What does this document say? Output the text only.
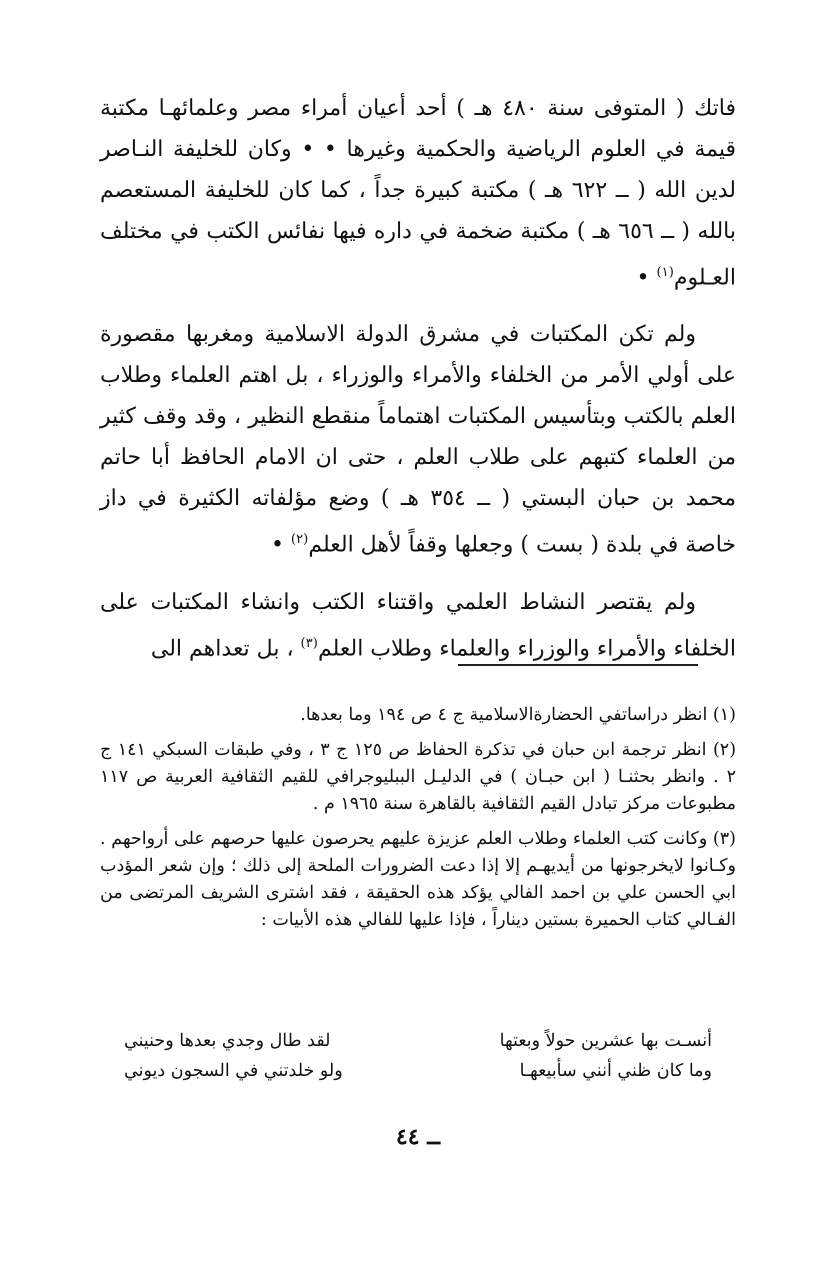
فاتك ( المتوفى سنة ٤٨٠ هـ ) أحد أعيان أمراء مصر وعلمائهـا مكتبة قيمة في العلوم الرياضية والحكمية وغيرها • • وكان للخليفة النـاصر لدين الله ( ــ ٦٢٢ هـ ) مكتبة كبيرة جداً ، كما كان للخليفة المستعصم بالله ( ــ ٦٥٦ هـ ) مكتبة ضخمة في داره فيها نفائس الكتب في مختلف العـلوم$^{(١)}$ •

ولم تكن المكتبات في مشرق الدولة الاسلامية ومغربها مقصورة على أولي الأمر من الخلفاء والأمراء والوزراء ، بل اهتم العلماء وطلاب العلم بالكتب وبتأسيس المكتبات اهتماماً منقطع النظير ، وقد وقف كثير من العلماء كتبهم على طلاب العلم ، حتى ان الامام الحافظ أبا حاتم محمد بن حبان البستي ( ــ ٣٥٤ هـ ) وضع مؤلفاته الكثيرة في داز خاصة في بلدة ( بست ) وجعلها وقفاً لأهل العلم$^{(٢)}$ •

ولم يقتصر النشاط العلمي واقتناء الكتب وانشاء المكتبات على الخلفاء والأمراء والوزراء والعلماء وطلاب العلم$^{(٣)}$ ، بل تعداهم الى

(١) انظر دراساتفي الحضارةالاسلامية ج ٤ ص ١٩٤ وما بعدها.

(٢) انظر ترجمة ابن حبان في تذكرة الحفاظ ص ١٢٥ ج ٣ ، وفي طبقات السبكي ١٤١ ج ٢ . وانظر بحثنـا ( ابن حبـان ) في الدليـل الببليوجرافي للقيم الثقافية العربية ص ١١٧ مطبوعات مركز تبادل القيم الثقافية بالقاهرة سنة ١٩٦٥ م .

(٣) وكانت كتب العلماء وطلاب العلم عزيزة عليهم يحرصون عليها حرصهم على أرواحهم . وكـانوا لايخرجونها من أيديهـم إلا إذا دعت الضرورات الملحة إلى ذلك ؛ وإن شعر المؤدب ابي الحسن علي بن احمد الفالي يؤكد هذه الحقيقة ، فقد اشترى الشريف المرتضى من الفـالي كتاب الحميرة بستين ديناراً ، فإذا عليها للفالي هذه الأبيات :

أنسـت بها عشرين حولاً وبعتها
لقد طال وجدي بعدها وحنيني
وما كان ظني أنني سأبيعهـا
ولو خلدتني في السجون ديوني
ــ ٤٤
